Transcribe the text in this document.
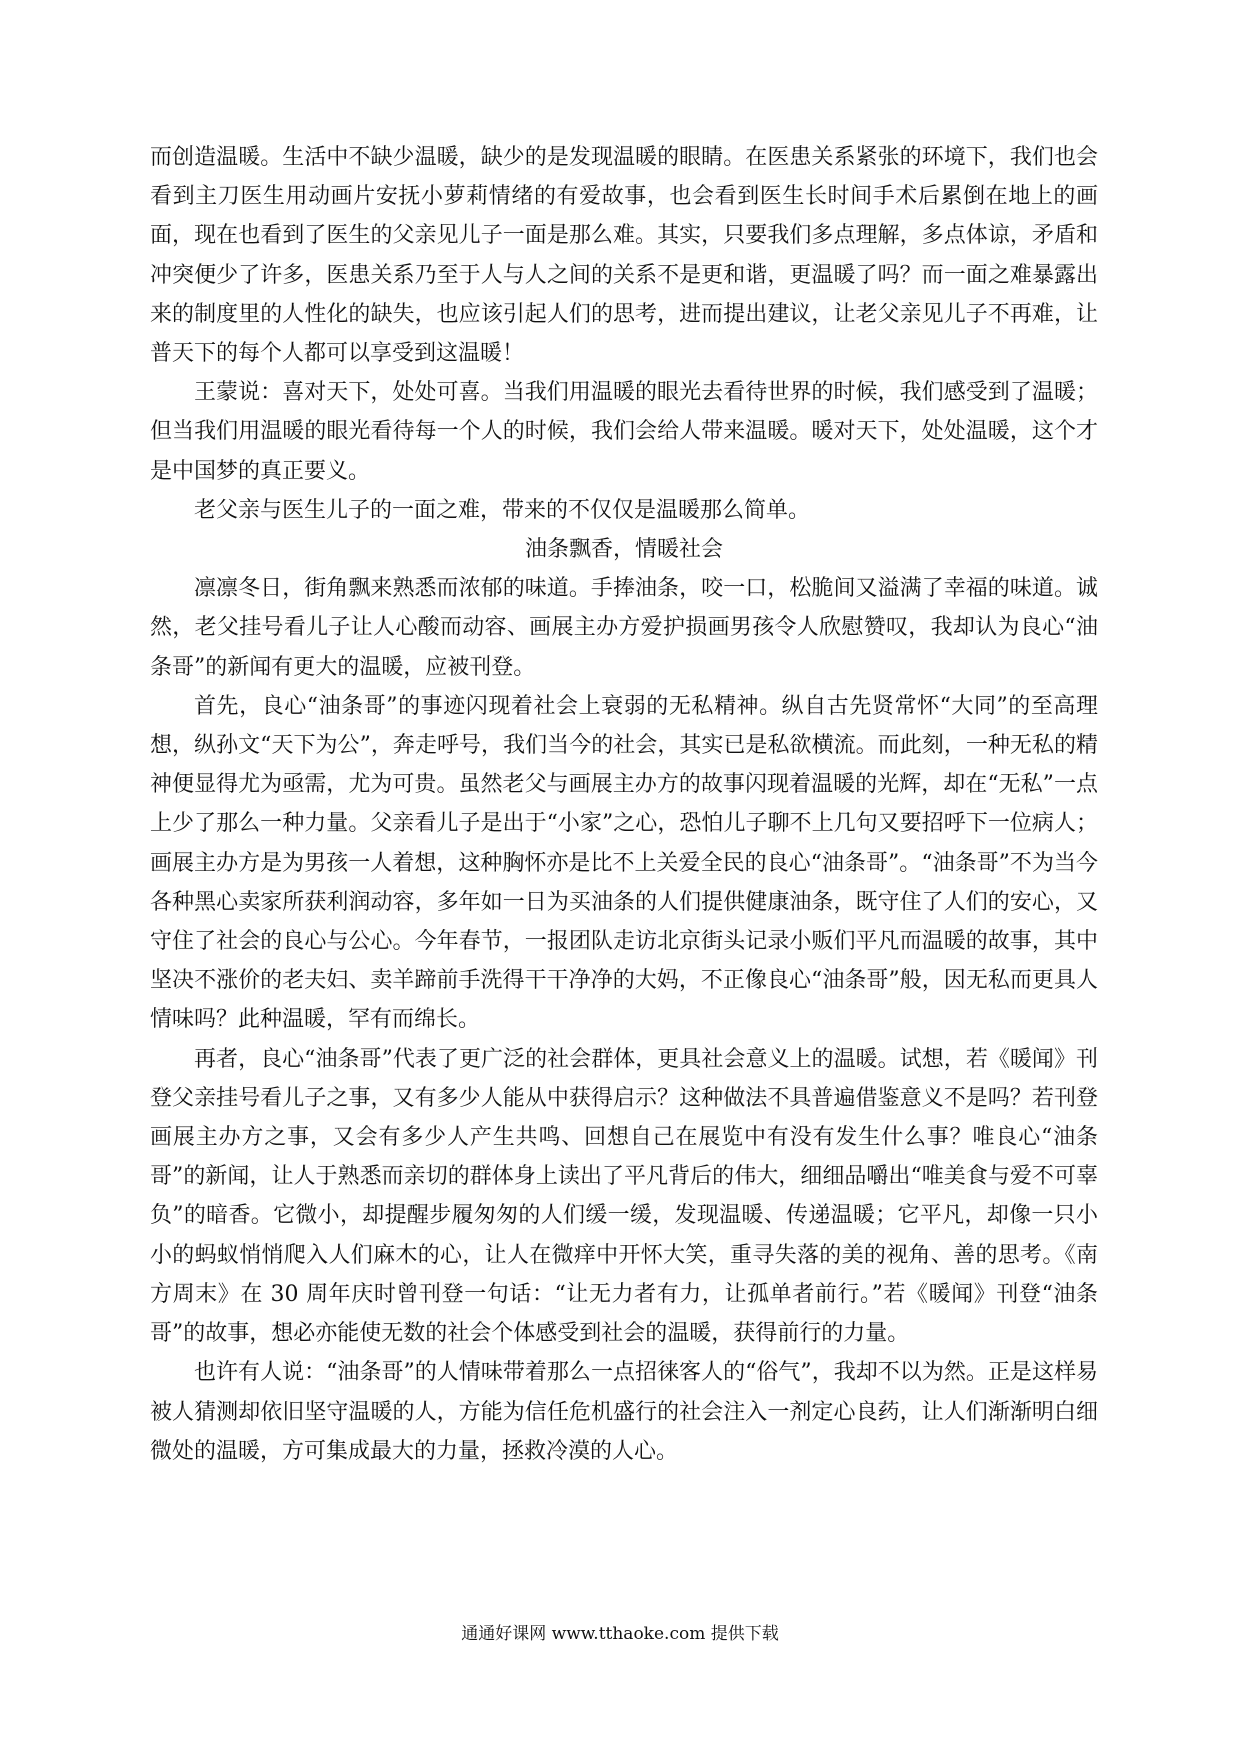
而创造温暖。生活中不缺少温暖，缺少的是发现温暖的眼睛。在医患关系紧张的环境下，我们也会看到主刀医生用动画片安抚小萝莉情绪的有爱故事，也会看到医生长时间手术后累倒在地上的画面，现在也看到了医生的父亲见儿子一面是那么难。其实，只要我们多点理解，多点体谅，矛盾和冲突便少了许多，医患关系乃至于人与人之间的关系不是更和谐，更温暖了吗？而一面之难暴露出来的制度里的人性化的缺失，也应该引起人们的思考，进而提出建议，让老父亲见儿子不再难，让普天下的每个人都可以享受到这温暖！

王蒙说：喜对天下，处处可喜。当我们用温暖的眼光去看待世界的时候，我们感受到了温暖；但当我们用温暖的眼光看待每一个人的时候，我们会给人带来温暖。暖对天下，处处温暖，这个才是中国梦的真正要义。

老父亲与医生儿子的一面之难，带来的不仅仅是温暖那么简单。

油条飘香，情暖社会

凛凛冬日，街角飘来熟悉而浓郁的味道。手捧油条，咬一口，松脆间又溢满了幸福的味道。诚然，老父挂号看儿子让人心酸而动容、画展主办方爱护损画男孩令人欣慰赞叹，我却认为良心“油条哥”的新闻有更大的温暖，应被刊登。

首先，良心“油条哥”的事迹闪现着社会上衰弱的无私精神。纵自古先贤常怀“大同”的至高理想，纵孙文“天下为公”，奔走呼号，我们当今的社会，其实已是私欲横流。而此刻，一种无私的精神便显得尤为亟需，尤为可贵。虽然老父与画展主办方的故事闪现着温暖的光辉，却在“无私”一点上少了那么一种力量。父亲看儿子是出于“小家”之心，恐怕儿子聊不上几句又要招呼下一位病人；画展主办方是为男孩一人着想，这种胸怀亦是比不上关爱全民的良心“油条哥”。“油条哥”不为当今各种黑心卖家所获利润动容，多年如一日为买油条的人们提供健康油条，既守住了人们的安心，又守住了社会的良心与公心。今年春节，一报团队走访北京街头记录小贩们平凡而温暖的故事，其中坚决不涨价的老夫妇、卖羊蹄前手洗得干干净净的大妈，不正像良心“油条哥”般，因无私而更具人情味吗？此种温暖，罕有而绵长。

再者，良心“油条哥”代表了更广泛的社会群体，更具社会意义上的温暖。试想，若《暖闻》刊登父亲挂号看儿子之事，又有多少人能从中获得启示？这种做法不具普遍借鉴意义不是吗？若刊登画展主办方之事，又会有多少人产生共鸣、回想自己在展览中有没有发生什么事？唯良心“油条哥”的新闻，让人于熟悉而亲切的群体身上读出了平凡背后的伟大，细细品嚼出“唯美食与爱不可辜负”的暗香。它微小，却提醒步履匆匆的人们缓一缓，发现温暖、传递温暖；它平凡，却像一只小小的蚂蚁悄悄爬入人们麻木的心，让人在微痒中开怀大笑，重寻失落的美的视角、善的思考。《南方周末》在 30 周年庆时曾刊登一句话：“让无力者有力，让孤单者前行。”若《暖闻》刊登“油条哥”的故事，想必亦能使无数的社会个体感受到社会的温暖，获得前行的力量。

也许有人说：“油条哥”的人情味带着那么一点招徕客人的“俗气”，我却不以为然。正是这样易被人猜测却依旧坚守温暖的人，方能为信任危机盛行的社会注入一剂定心良药，让人们渐渐明白细微处的温暖，方可集成最大的力量，拯救冷漠的人心。

通通好课网 www.tthaoke.com 提供下载
